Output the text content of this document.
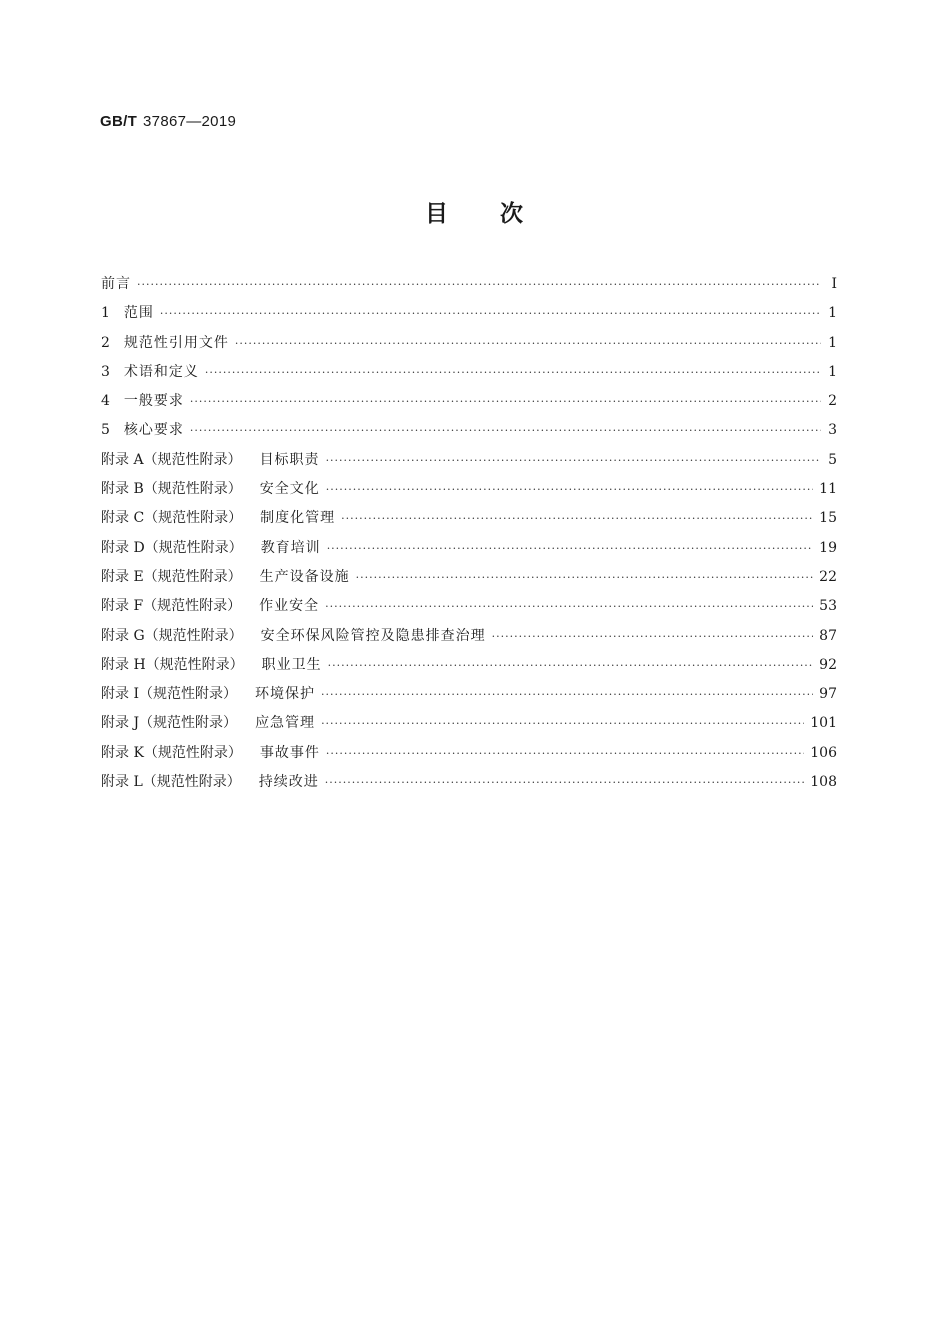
GB/T 37867—2019
目　　次
前言 ·····	Ⅰ
1 范围 ·····	1
2 规范性引用文件 ·····	1
3 术语和定义 ·····	1
4 一般要求 ·····	2
5 核心要求 ·····	3
附录 A（规范性附录） 目标职责 ·····	5
附录 B（规范性附录） 安全文化 ·····	11
附录 C（规范性附录） 制度化管理 ·····	15
附录 D（规范性附录） 教育培训 ·····	19
附录 E（规范性附录） 生产设备设施 ·····	22
附录 F（规范性附录） 作业安全 ·····	53
附录 G（规范性附录） 安全环保风险管控及隐患排查治理 ·····	87
附录 H（规范性附录） 职业卫生 ·····	92
附录 I（规范性附录） 环境保护 ·····	97
附录 J（规范性附录） 应急管理 ·····	101
附录 K（规范性附录） 事故事件 ·····	106
附录 L（规范性附录） 持续改进 ·····	108
